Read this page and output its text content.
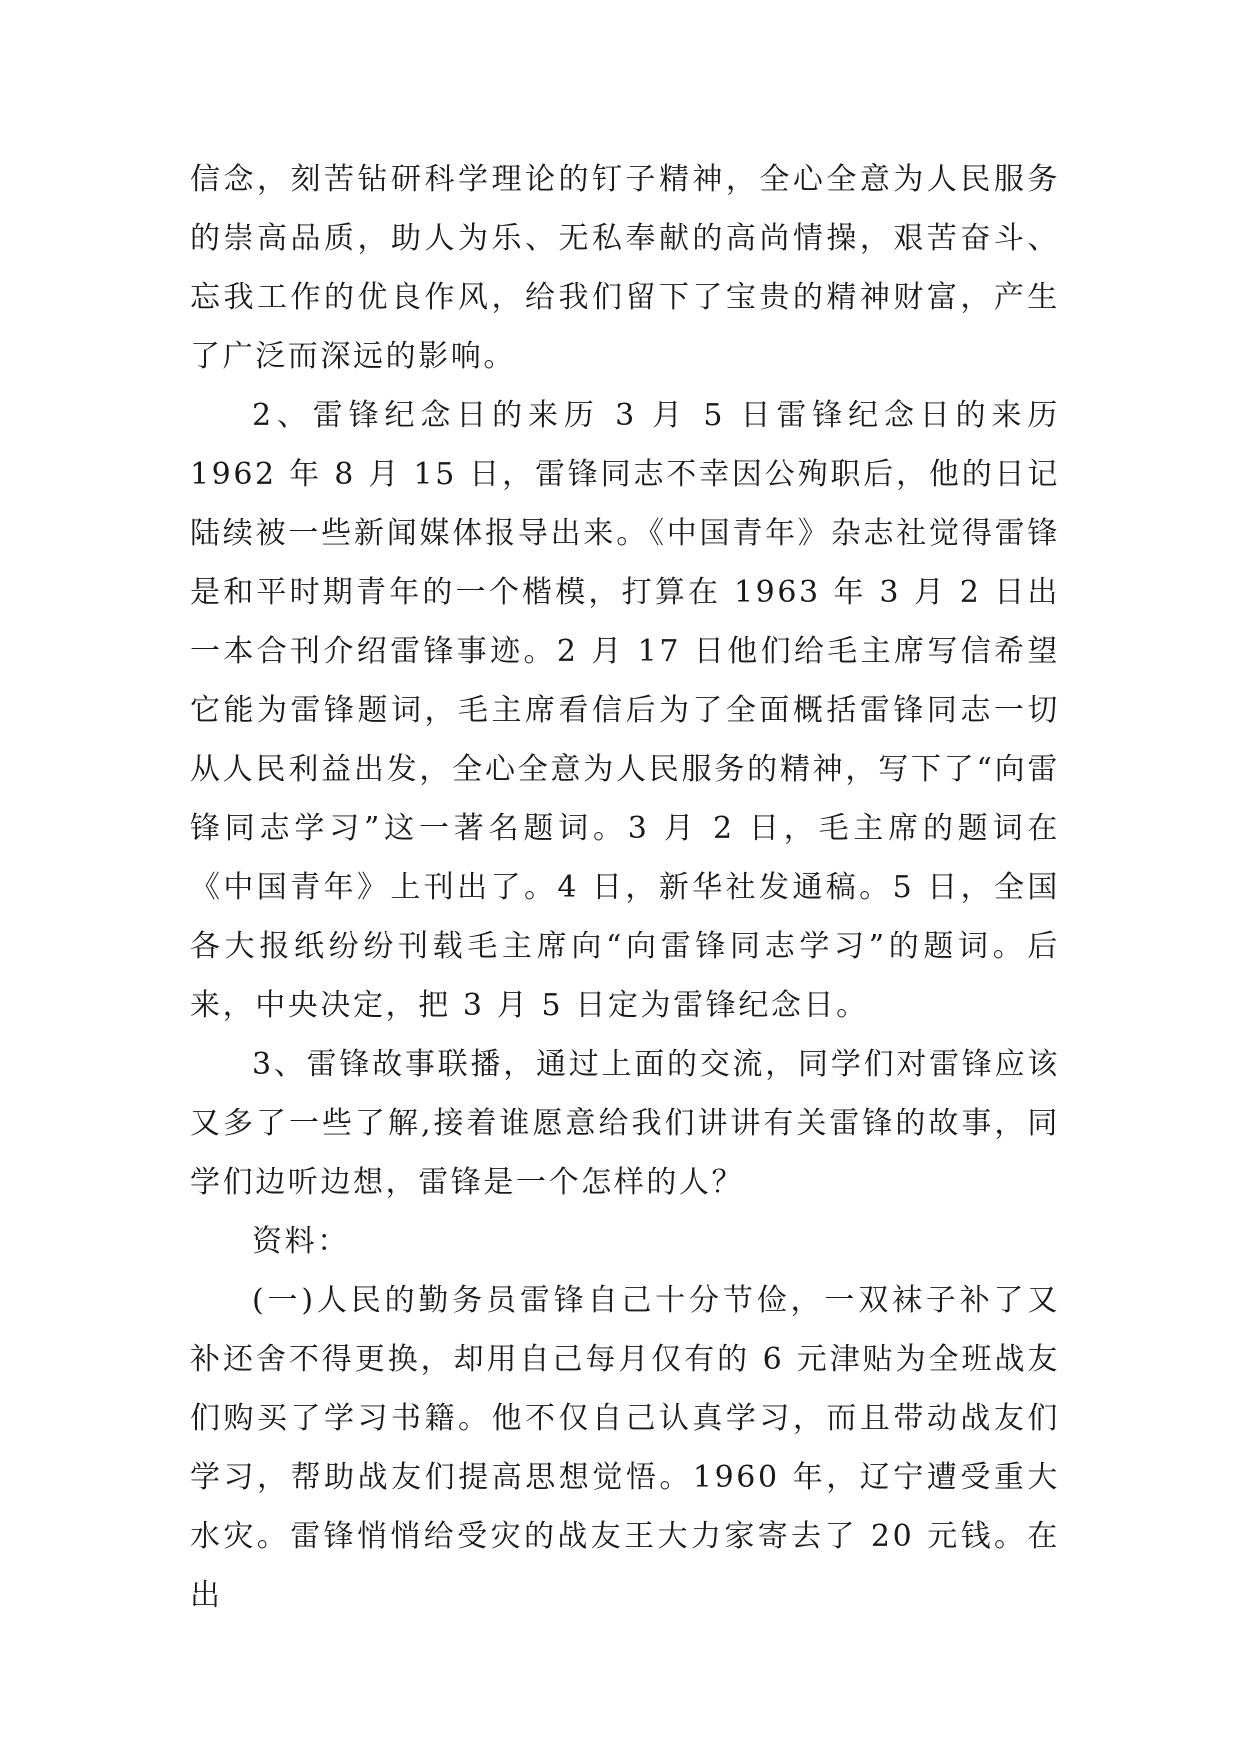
信念，刻苦钻研科学理论的钉子精神，全心全意为人民服务的崇高品质，助人为乐、无私奉献的高尚情操，艰苦奋斗、忘我工作的优良作风，给我们留下了宝贵的精神财富，产生了广泛而深远的影响。

2、雷锋纪念日的来历 3 月 5 日雷锋纪念日的来历 1962 年 8 月 15 日，雷锋同志不幸因公殉职后，他的日记陆续被一些新闻媒体报导出来。《中国青年》杂志社觉得雷锋是和平时期青年的一个楷模，打算在 1963 年 3 月 2 日出一本合刊介绍雷锋事迹。2 月 17 日他们给毛主席写信希望它能为雷锋题词，毛主席看信后为了全面概括雷锋同志一切从人民利益出发，全心全意为人民服务的精神，写下了“向雷锋同志学习”这一著名题词。3 月 2 日，毛主席的题词在《中国青年》上刊出了。4 日，新华社发通稿。5 日，全国各大报纸纷纷刊载毛主席向“向雷锋同志学习”的题词。后来，中央决定，把 3 月 5 日定为雷锋纪念日。

3、雷锋故事联播，通过上面的交流，同学们对雷锋应该又多了一些了解,接着谁愿意给我们讲讲有关雷锋的故事，同学们边听边想，雷锋是一个怎样的人？

资料：

(一)人民的勤务员雷锋自己十分节俭，一双袜子补了又补还舍不得更换，却用自己每月仅有的 6 元津贴为全班战友们购买了学习书籍。他不仅自己认真学习，而且带动战友们学习，帮助战友们提高思想觉悟。1960 年，辽宁遭受重大水灾。雷锋悄悄给受灾的战友王大力家寄去了 20 元钱。在出
